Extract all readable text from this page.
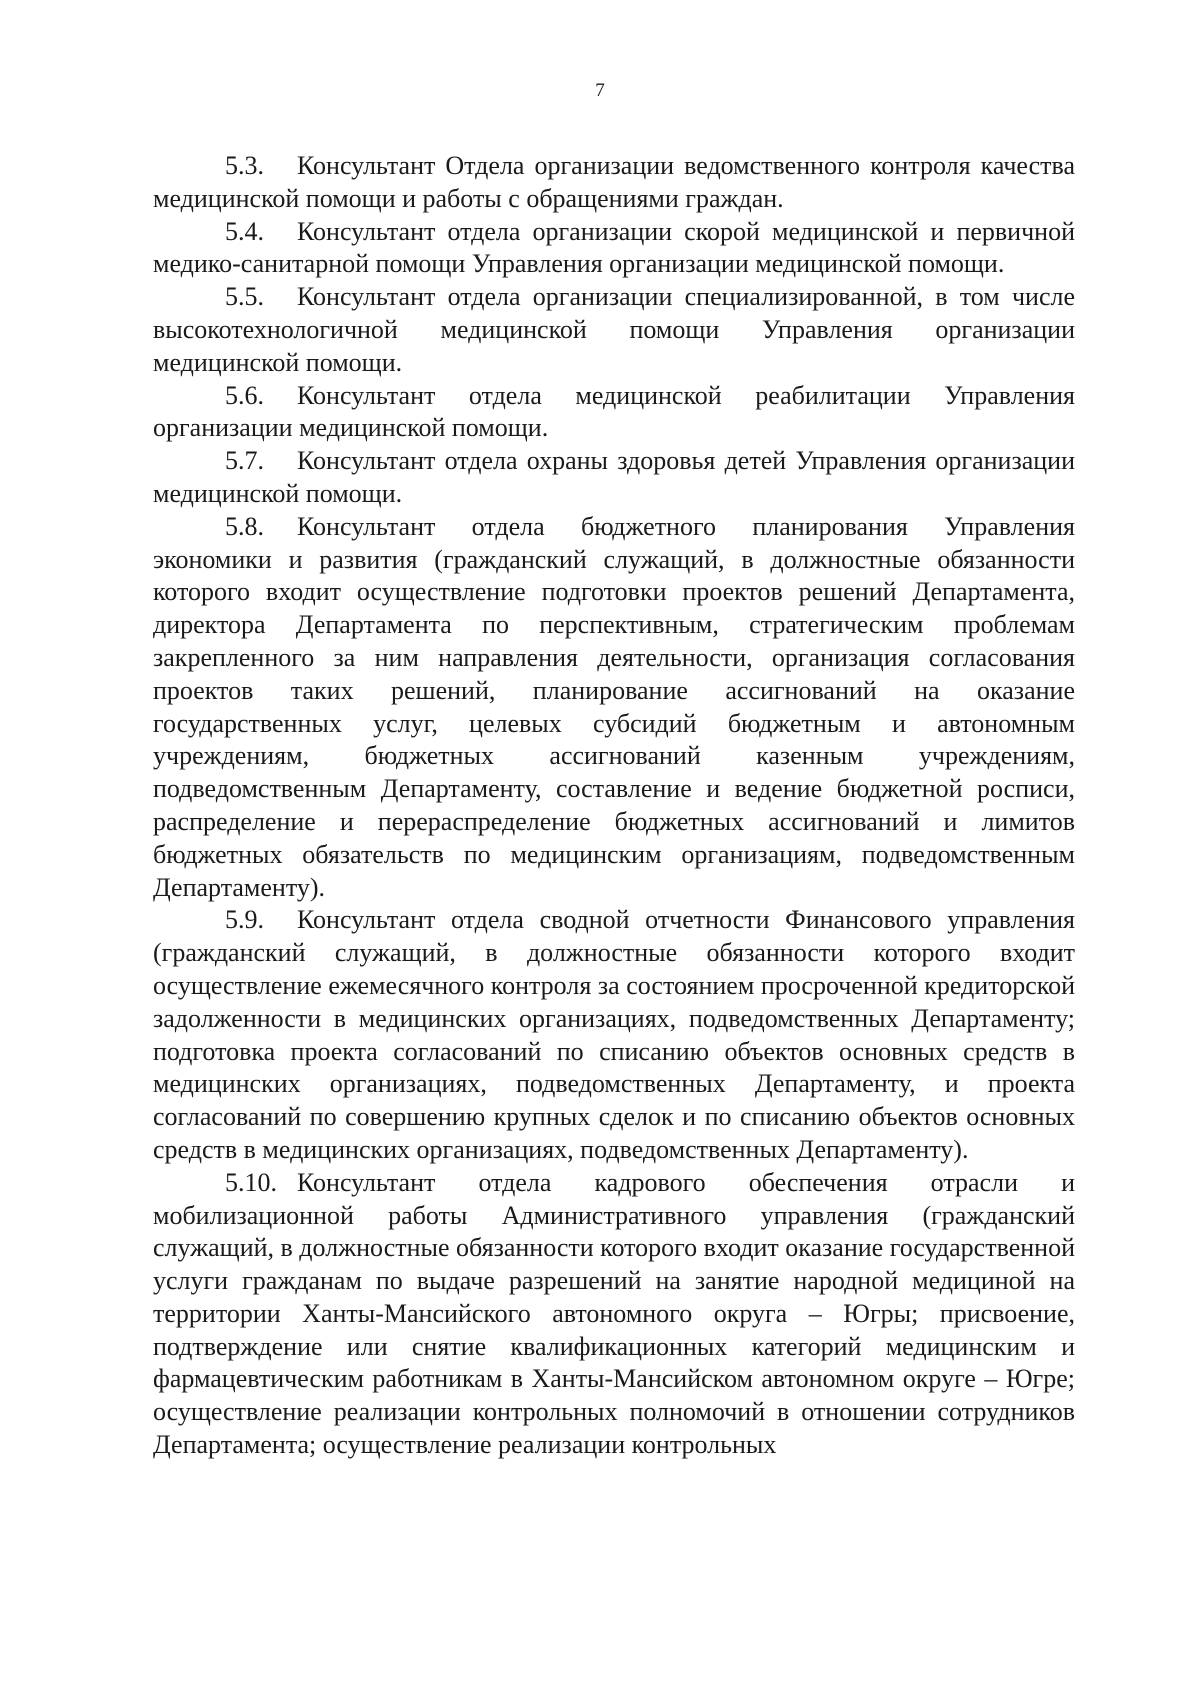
7

5.3. Консультант Отдела организации ведомственного контроля качества медицинской помощи и работы с обращениями граждан.

5.4. Консультант отдела организации скорой медицинской и первичной медико-санитарной помощи Управления организации медицинской помощи.

5.5. Консультант отдела организации специализированной, в том числе высокотехнологичной медицинской помощи Управления организации медицинской помощи.

5.6. Консультант отдела медицинской реабилитации Управления организации медицинской помощи.

5.7. Консультант отдела охраны здоровья детей Управления организации медицинской помощи.

5.8. Консультант отдела бюджетного планирования Управления экономики и развития (гражданский служащий, в должностные обязанности которого входит осуществление подготовки проектов решений Департамента, директора Департамента по перспективным, стратегическим проблемам закрепленного за ним направления деятельности, организация согласования проектов таких решений, планирование ассигнований на оказание государственных услуг, целевых субсидий бюджетным и автономным учреждениям, бюджетных ассигнований казенным учреждениям, подведомственным Департаменту, составление и ведение бюджетной росписи, распределение и перераспределение бюджетных ассигнований и лимитов бюджетных обязательств по медицинским организациям, подведомственным Департаменту).

5.9. Консультант отдела сводной отчетности Финансового управления (гражданский служащий, в должностные обязанности которого входит осуществление ежемесячного контроля за состоянием просроченной кредиторской задолженности в медицинских организациях, подведомственных Департаменту; подготовка проекта согласований по списанию объектов основных средств в медицинских организациях, подведомственных Департаменту, и проекта согласований по совершению крупных сделок и по списанию объектов основных средств в медицинских организациях, подведомственных Департаменту).

5.10. Консультант отдела кадрового обеспечения отрасли и мобилизационной работы Административного управления (гражданский служащий, в должностные обязанности которого входит оказание государственной услуги гражданам по выдаче разрешений на занятие народной медициной на территории Ханты-Мансийского автономного округа – Югры; присвоение, подтверждение или снятие квалификационных категорий медицинским и фармацевтическим работникам в Ханты-Мансийском автономном округе – Югре; осуществление реализации контрольных полномочий в отношении сотрудников Департамента; осуществление реализации контрольных
